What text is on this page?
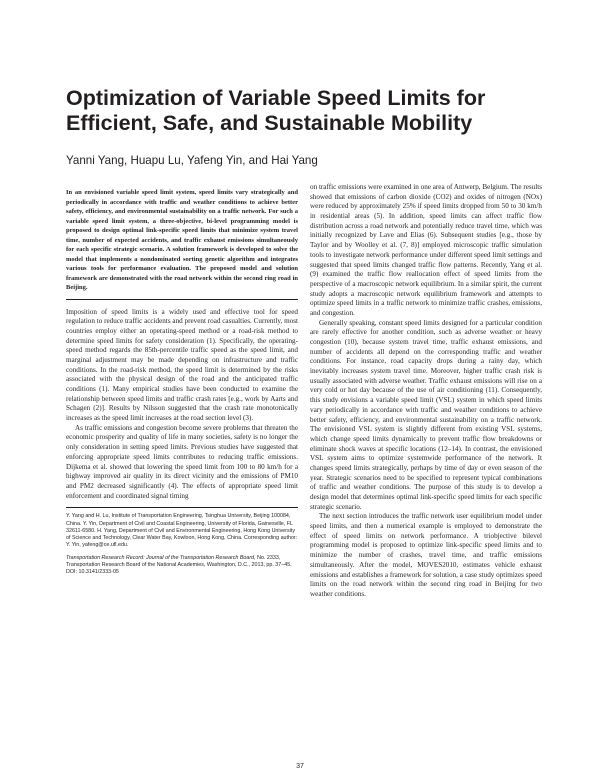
Optimization of Variable Speed Limits for Efficient, Safe, and Sustainable Mobility
Yanni Yang, Huapu Lu, Yafeng Yin, and Hai Yang

In an envisioned variable speed limit system, speed limits vary strategically and periodically in accordance with traffic and weather conditions to achieve better safety, efficiency, and environmental sustainability on a traffic network. For such a variable speed limit system, a three-objective, bi-level programming model is proposed to design optimal link-specific speed limits that minimize system travel time, number of expected accidents, and traffic exhaust emissions simultaneously for each specific strategic scenario. A solution framework is developed to solve the model that implements a nondominated sorting genetic algorithm and integrates various tools for performance evaluation. The proposed model and solution framework are demonstrated with the road network within the second ring road in Beijing.

Imposition of speed limits is a widely used and effective tool for speed regulation to reduce traffic accidents and prevent road casualties. Currently, most countries employ either an operating-speed method or a road-risk method to determine speed limits for safety consideration (1). Specifically, the operating-speed method regards the 85th-percentile traffic speed as the speed limit, and marginal adjustment may be made depending on infrastructure and traffic conditions. In the road-risk method, the speed limit is determined by the risks associated with the physical design of the road and the anticipated traffic conditions (1). Many empirical studies have been conducted to examine the relationship between speed limits and traffic crash rates [e.g., work by Aarts and Schagen (2)]. Results by Nilsson suggested that the crash rate monotonically increases as the speed limit increases at the road section level (3).

As traffic emissions and congestion become severe problems that threaten the economic prosperity and quality of life in many societies, safety is no longer the only consideration in setting speed limits. Previous studies have suggested that enforcing appropriate speed limits contributes to reducing traffic emissions. Dijkema et al. showed that lowering the speed limit from 100 to 80 km/h for a highway improved air quality in its direct vicinity and the emissions of PM10 and PM2 decreased significantly (4). The effects of appropriate speed limit enforcement and coordinated signal timing

Y. Yang and H. Lu, Institute of Transportation Engineering, Tsinghua University, Beijing 100084, China. Y. Yin, Department of Civil and Coastal Engineering, University of Florida, Gainesville, FL 32611-6580. H. Yang, Department of Civil and Environmental Engineering, Hong Kong University of Science and Technology, Clear Water Bay, Kowloon, Hong Kong, China. Corresponding author: Y. Yin, yafeng@ce.ufl.edu.

Transportation Research Record: Journal of the Transportation Research Board, No. 2333, Transportation Research Board of the National Academies, Washington, D.C., 2013, pp. 37–45.
DOI: 10.3141/2333-05

on traffic emissions were examined in one area of Antwerp, Belgium. The results showed that emissions of carbon dioxide (CO2) and oxides of nitrogen (NOx) were reduced by approximately 25% if speed limits dropped from 50 to 30 km/h in residential areas (5). In addition, speed limits can affect traffic flow distribution across a road network and potentially reduce travel time, which was initially recognized by Lave and Elias (6). Subsequent studies [e.g., those by Taylor and by Woolley et al. (7, 8)] employed microscopic traffic simulation tools to investigate network performance under different speed limit settings and suggested that speed limits changed traffic flow patterns. Recently, Yang et al. (9) examined the traffic flow reallocation effect of speed limits from the perspective of a macroscopic network equilibrium. In a similar spirit, the current study adopts a macroscopic network equilibrium framework and attempts to optimize speed limits in a traffic network to minimize traffic crashes, emissions, and congestion.

Generally speaking, constant speed limits designed for a particular condition are rarely effective for another condition, such as adverse weather or heavy congestion (10), because system travel time, traffic exhaust emissions, and number of accidents all depend on the corresponding traffic and weather conditions. For instance, road capacity drops during a rainy day, which inevitably increases system travel time. Moreover, higher traffic crash risk is usually associated with adverse weather. Traffic exhaust emissions will rise on a very cold or hot day because of the use of air conditioning (11). Consequently, this study envisions a variable speed limit (VSL) system in which speed limits vary periodically in accordance with traffic and weather conditions to achieve better safety, efficiency, and environmental sustainability on a traffic network. The envisioned VSL system is slightly different from existing VSL systems, which change speed limits dynamically to prevent traffic flow breakdowns or eliminate shock waves at specific locations (12–14). In contrast, the envisioned VSL system aims to optimize systemwide performance of the network. It changes speed limits strategically, perhaps by time of day or even season of the year. Strategic scenarios need to be specified to represent typical combinations of traffic and weather conditions. The purpose of this study is to develop a design model that determines optimal link-specific speed limits for each specific strategic scenario.

The next section introduces the traffic network user equilibrium model under speed limits, and then a numerical example is employed to demonstrate the effect of speed limits on network performance. A triobjective bilevel programming model is proposed to optimize link-specific speed limits and to minimize the number of crashes, travel time, and traffic emissions simultaneously. After the model, MOVES2010, estimates vehicle exhaust emissions and establishes a framework for solution, a case study optimizes speed limits on the road network within the second ring road in Beijing for two weather conditions.

37
